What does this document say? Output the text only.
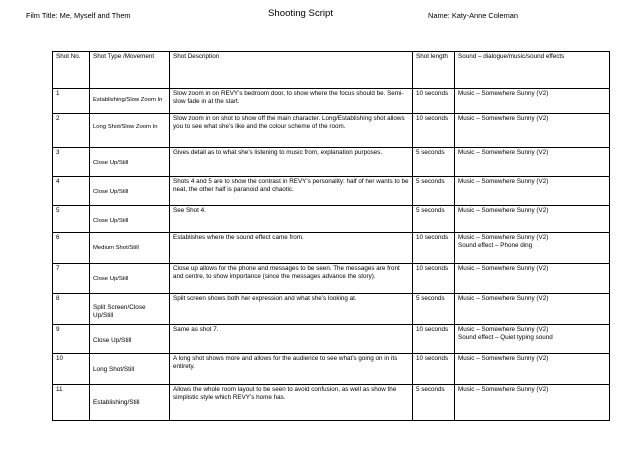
Film Title: Me, Myself and Them	Shooting Script	Name: Katy-Anne Coleman
Shot No.	Shot Type /Movement	Shot Description	Shot length	Sound – dialogue/music/sound effects
1	Establishing/Slow Zoom In	Slow zoom in on REVY’s bedroom door, to show where the focus should be. Semi-slow fade in at the start.	10 seconds	Music – Somewhere Sunny (V2)
2	Long Shot/Slow Zoom In	Slow zoom in on shot to show off the main character. Long/Establishing shot allows you to see what she’s like and the colour scheme of the room.	10 seconds	Music – Somewhere Sunny (V2)
3	Close Up/Still	Gives detail as to what she’s listening to music from, explanation purposes.	5 seconds	Music – Somewhere Sunny (V2)
4	Close Up/Still	Shots 4 and 5 are to show the contrast in REVY’s personality: half of her wants to be neat, the other half is paranoid and chaotic.	5 seconds	Music – Somewhere Sunny (V2)
5	Close Up/Still	See Shot 4.	5 seconds	Music – Somewhere Sunny (V2)
6	Medium Shot/Still	Establishes where the sound effect came from.	10 seconds	Music – Somewhere Sunny (V2)
Sound effect – Phone ding

7	Close Up/Still	Close up allows for the phone and messages to be seen. The messages are front and centre, to show importance (since the messages advance the story).	10 seconds	Music – Somewhere Sunny (V2)
8	Split Screen/Close Up/Still	Split screen shows both her expression and what she’s looking at.	5 seconds	Music – Somewhere Sunny (V2)
9	Close Up/Still	Same as shot 7.	10 seconds	Music – Somewhere Sunny (V2)
Sound effect – Quiet typing sound

10	Long Shot/Still	A long shot shows more and allows for the audience to see what’s going on in its entirety.	10 seconds	Music – Somewhere Sunny (V2)
11	Establishing/Still	Allows the whole room layout to be seen to avoid confusion, as well as show the simplistic style which REVY’s home has.	5 seconds	Music – Somewhere Sunny (V2)
